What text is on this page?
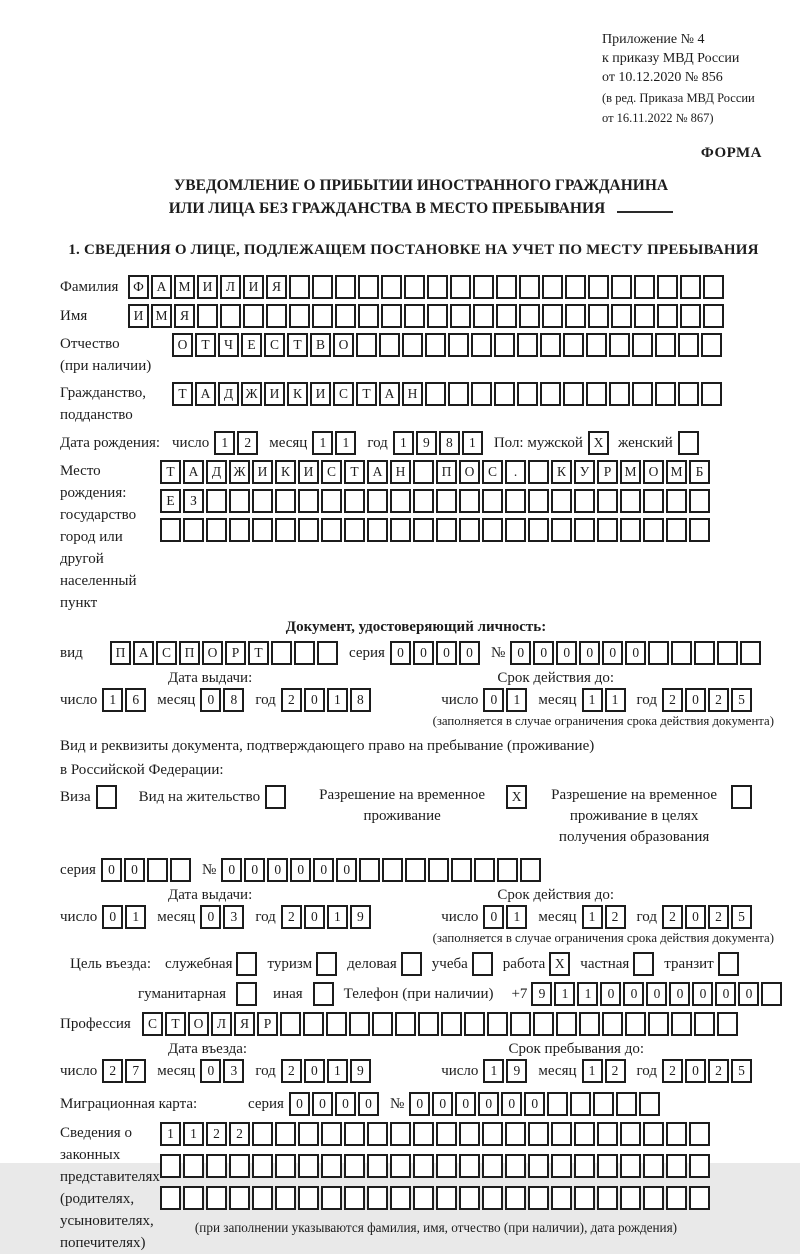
Приложение № 4
к приказу МВД России
от 10.12.2020 № 856
(в ред. Приказа МВД России
от 16.11.2022 № 867)
ФОРМА
УВЕДОМЛЕНИЕ О ПРИБЫТИИ ИНОСТРАННОГО ГРАЖДАНИНА
ИЛИ ЛИЦА БЕЗ ГРАЖДАНСТВА В МЕСТО ПРЕБЫВАНИЯ
1. СВЕДЕНИЯ О ЛИЦЕ, ПОДЛЕЖАЩЕМ ПОСТАНОВКЕ НА УЧЕТ ПО МЕСТУ ПРЕБЫВАНИЯ
Фамилия	Ф А М И	Л	И	Я
Имя	И М Я
Отчество
(при наличии)
О	Т	Ч	Е	С	Т	В	О
Гражданство,
подданство
Т	А	Д Ж И	К	И	С	Т	А Н
Дата рождения: число 1	2	месяц 1	1	год 1	9	8	1	Пол: мужской X женский
Место рождения:
государство
город или другой
населенный пункт
Т	А	Д Ж И	К	И	С	Т	А Н	П О	С	.	К	У	Р М О М Б
Е	З
Документ, удостоверяющий личность:
вид	П А	С	П О	Р	Т	серия 0	0	0	0	№ 0	0	0	0	0	0
Дата выдачи:	Срок действия до:
число 1	6	месяц 0	8	год 2	0	1	8	число 0	1	месяц 1	1	год 2	0	2	5
(заполняется в случае ограничения срока действия документа)
Вид и реквизиты документа, подтверждающего право на пребывание (проживание)
в Российской Федерации:
Виза	Вид на жительство	Разрешение на временное
проживание
X	Разрешение на временное
проживание в целях
получения образования
серия 0	0	№ 0	0	0	0	0	0
Дата выдачи:	Срок действия до:
число 0	1	месяц 0	3	год 2	0	1	9	число 0	1	месяц 1	2	год 2	0	2	5
(заполняется в случае ограничения срока действия документа)
Цель въезда: служебная туризм деловая учеба работа X	частная транзит
гуманитарная	иная	Телефон (при наличии) +7 9	1	1	0	0	0	0	0	0	0
Профессия	С	Т	О	Л	Я	Р
Дата въезда:	Срок пребывания до:
число 2	7	месяц 0	3	год 2	0	1	9	число 1	9	месяц 1	2	год 2	0	2	5
Миграционная карта:	серия 0	0	0	0	№ 0	0	0	0	0	0
Сведения о
законных
представителях
(родителях,
усыновителях,
попечителях)
1	1	2	2
(при заполнении указываются фамилия, имя, отчество (при наличии), дата рождения)
